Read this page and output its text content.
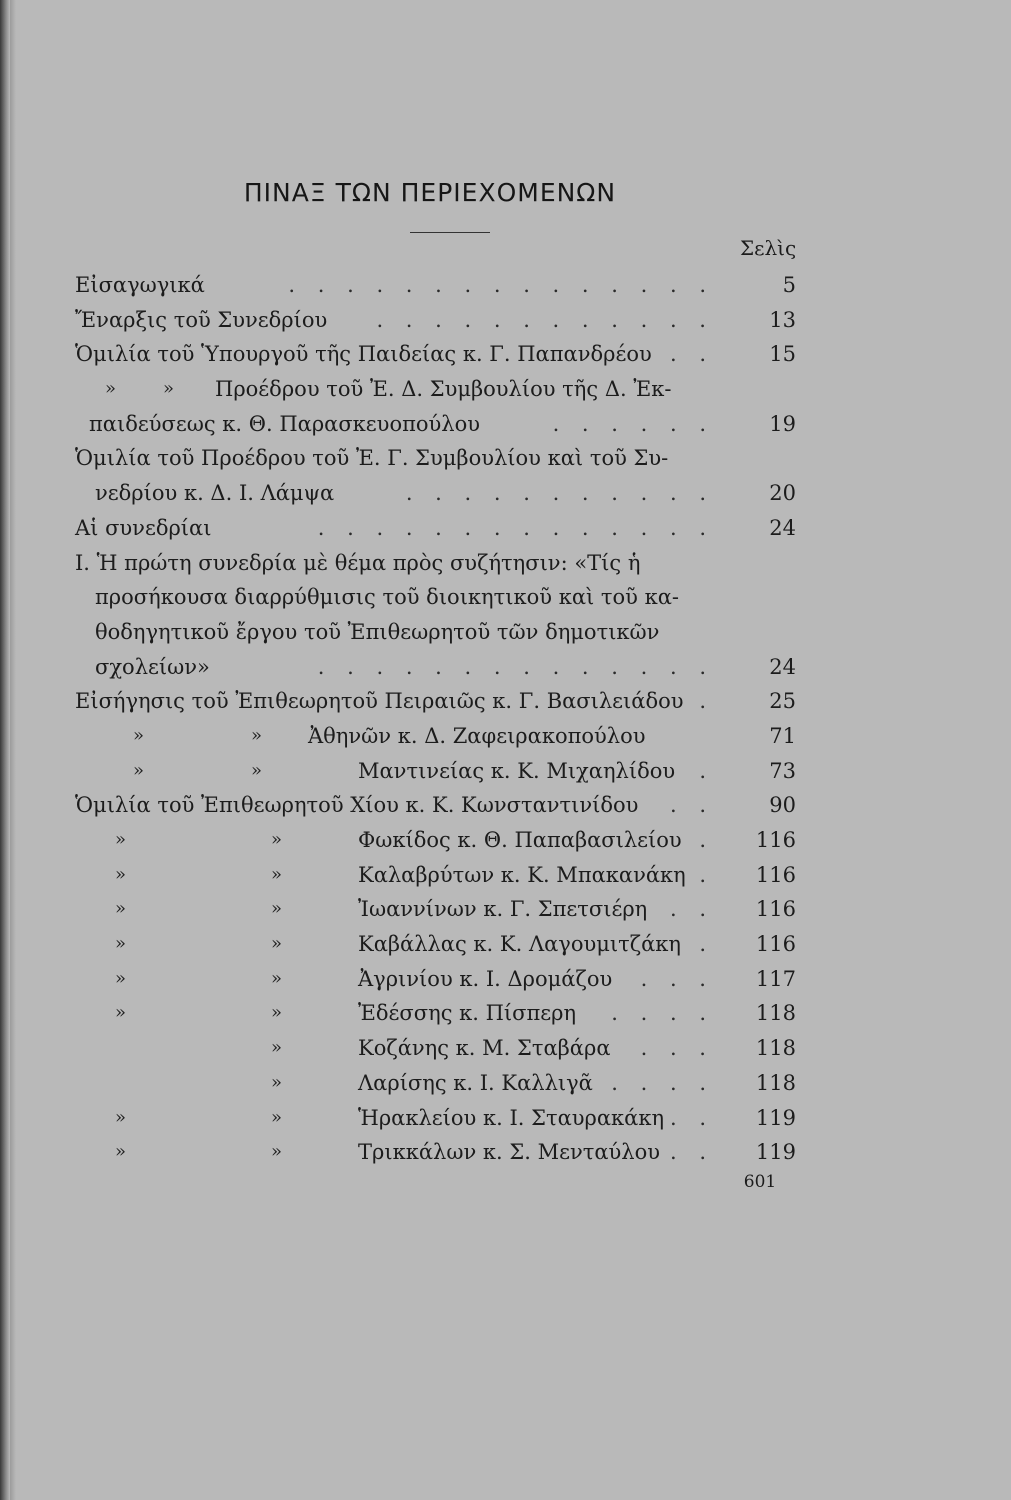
ΠΙΝΑΞ ΤΩΝ ΠΕΡΙΕΧΟΜΕΝΩΝ
Σελὶς
Εἰσαγωγικά	. . . . . . . . . . . . . . .	5
Ἔναρξις τοῦ Συνεδρίου . . . . . . . . . . . .	13
Ὁμιλία τοῦ Ὑπουργοῦ τῆς Παιδείας κ. Γ. Παπανδρέου . .	15
»	» Προέδρου τοῦ Ἐ. Δ. Συμβουλίου τῆς Δ. Ἐκ-
παιδεύσεως κ. Θ. Παρασκευοπούλου	. . . . . .	19
Ὁμιλία τοῦ Προέδρου τοῦ Ἐ. Γ. Συμβουλίου καὶ τοῦ Συ-
νεδρίου κ. Δ. Ι. Λάμψα	. . . . . . . . . . .	20
Αἱ συνεδρίαι	. . . . . . . . . . . . . .	24
I. Ἡ πρώτη συνεδρία μὲ θέμα πρὸς συζήτησιν: «Τίς ἡ
προσήκουσα διαρρύθμισις τοῦ διοικητικοῦ καὶ τοῦ κα-
θοδηγητικοῦ ἔργου τοῦ Ἐπιθεωρητοῦ τῶν δημοτικῶν
σχολείων»	. . . . . . . . . . . . . .	24
Εἰσήγησις τοῦ Ἐπιθεωρητοῦ Πειραιῶς κ. Γ. Βασιλειάδου .	25
»	» Ἀθηνῶν κ. Δ. Ζαφειρακοπούλου	71
»	»	Μαντινείας κ. Κ. Μιχαηλίδου .	73
Ὁμιλία τοῦ Ἐπιθεωρητοῦ Χίου κ. Κ. Κωνσταντινίδου . .	90
»	»	Φωκίδος κ. Θ. Παπαβασιλείου .	116
»	»	Καλαβρύτων κ. Κ. Μπακανάκη .	116
»	»	Ἰωαννίνων κ. Γ. Σπετσιέρη . .	116
»	»	Καβάλλας κ. Κ. Λαγουμιτζάκη .	116
»	»	Ἀγρινίου κ. Ι. Δρομάζου . . .	117
»	»	Ἐδέσσης κ. Πίσπερη . . . .	118
»	Κοζάνης κ. Μ. Σταβάρα . . .	118
»	Λαρίσης κ. Ι. Καλλιγᾶ . . . .	118
»	»	Ἡρακλείου κ. Ι. Σταυρακάκη . .	119
»	»	Τρικκάλων κ. Σ. Μενταύλου . .	119
601
